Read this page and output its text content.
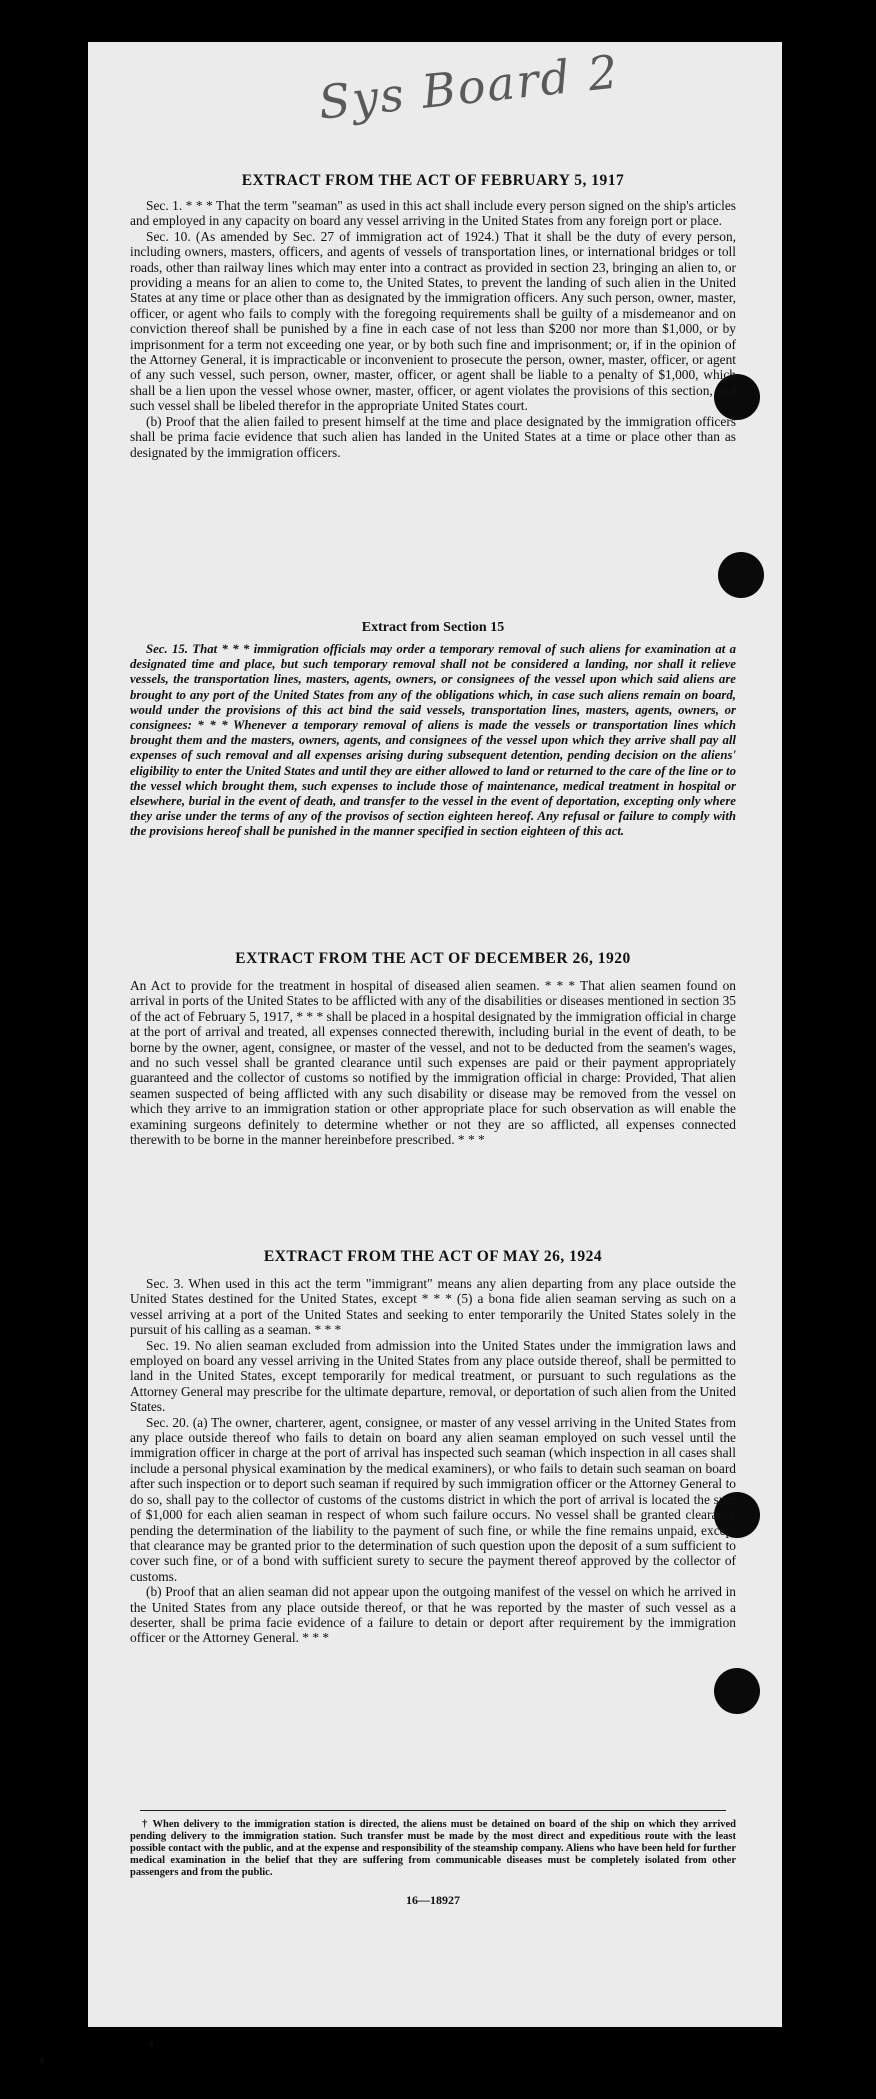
Sys Board 2
EXTRACT FROM THE ACT OF FEBRUARY 5, 1917

Sec. 1. * * * That the term "seaman" as used in this act shall include every person signed on the ship's articles and employed in any capacity on board any vessel arriving in the United States from any foreign port or place.

Sec. 10. (As amended by Sec. 27 of immigration act of 1924.) That it shall be the duty of every person, including owners, masters, officers, and agents of vessels of transportation lines, or international bridges or toll roads, other than railway lines which may enter into a contract as provided in section 23, bringing an alien to, or providing a means for an alien to come to, the United States, to prevent the landing of such alien in the United States at any time or place other than as designated by the immigration officers. Any such person, owner, master, officer, or agent who fails to comply with the foregoing requirements shall be guilty of a misdemeanor and on conviction thereof shall be punished by a fine in each case of not less than $200 nor more than $1,000, or by imprisonment for a term not exceeding one year, or by both such fine and imprisonment; or, if in the opinion of the Attorney General, it is impracticable or inconvenient to prosecute the person, owner, master, officer, or agent of any such vessel, such person, owner, master, officer, or agent shall be liable to a penalty of $1,000, which shall be a lien upon the vessel whose owner, master, officer, or agent violates the provisions of this section, and such vessel shall be libeled therefor in the appropriate United States court.

(b) Proof that the alien failed to present himself at the time and place designated by the immigration officers shall be prima facie evidence that such alien has landed in the United States at a time or place other than as designated by the immigration officers.

Extract from Section 15

Sec. 15. That * * * immigration officials may order a temporary removal of such aliens for examination at a designated time and place, but such temporary removal shall not be considered a landing, nor shall it relieve vessels, the transportation lines, masters, agents, owners, or consignees of the vessel upon which said aliens are brought to any port of the United States from any of the obligations which, in case such aliens remain on board, would under the provisions of this act bind the said vessels, transportation lines, masters, agents, owners, or consignees: * * * Whenever a temporary removal of aliens is made the vessels or transportation lines which brought them and the masters, owners, agents, and consignees of the vessel upon which they arrive shall pay all expenses of such removal and all expenses arising during subsequent detention, pending decision on the aliens' eligibility to enter the United States and until they are either allowed to land or returned to the care of the line or to the vessel which brought them, such expenses to include those of maintenance, medical treatment in hospital or elsewhere, burial in the event of death, and transfer to the vessel in the event of deportation, excepting only where they arise under the terms of any of the provisos of section eighteen hereof. Any refusal or failure to comply with the provisions hereof shall be punished in the manner specified in section eighteen of this act.

EXTRACT FROM THE ACT OF DECEMBER 26, 1920

An Act to provide for the treatment in hospital of diseased alien seamen. * * * That alien seamen found on arrival in ports of the United States to be afflicted with any of the disabilities or diseases mentioned in section 35 of the act of February 5, 1917, * * * shall be placed in a hospital designated by the immigration official in charge at the port of arrival and treated, all expenses connected therewith, including burial in the event of death, to be borne by the owner, agent, consignee, or master of the vessel, and not to be deducted from the seamen's wages, and no such vessel shall be granted clearance until such expenses are paid or their payment appropriately guaranteed and the collector of customs so notified by the immigration official in charge: Provided, That alien seamen suspected of being afflicted with any such disability or disease may be removed from the vessel on which they arrive to an immigration station or other appropriate place for such observation as will enable the examining surgeons definitely to determine whether or not they are so afflicted, all expenses connected therewith to be borne in the manner hereinbefore prescribed. * * *

EXTRACT FROM THE ACT OF MAY 26, 1924

Sec. 3. When used in this act the term "immigrant" means any alien departing from any place outside the United States destined for the United States, except * * * (5) a bona fide alien seaman serving as such on a vessel arriving at a port of the United States and seeking to enter temporarily the United States solely in the pursuit of his calling as a seaman. * * *

Sec. 19. No alien seaman excluded from admission into the United States under the immigration laws and employed on board any vessel arriving in the United States from any place outside thereof, shall be permitted to land in the United States, except temporarily for medical treatment, or pursuant to such regulations as the Attorney General may prescribe for the ultimate departure, removal, or deportation of such alien from the United States.

Sec. 20. (a) The owner, charterer, agent, consignee, or master of any vessel arriving in the United States from any place outside thereof who fails to detain on board any alien seaman employed on such vessel until the immigration officer in charge at the port of arrival has inspected such seaman (which inspection in all cases shall include a personal physical examination by the medical examiners), or who fails to detain such seaman on board after such inspection or to deport such seaman if required by such immigration officer or the Attorney General to do so, shall pay to the collector of customs of the customs district in which the port of arrival is located the sum of $1,000 for each alien seaman in respect of whom such failure occurs. No vessel shall be granted clearance pending the determination of the liability to the payment of such fine, or while the fine remains unpaid, except that clearance may be granted prior to the determination of such question upon the deposit of a sum sufficient to cover such fine, or of a bond with sufficient surety to secure the payment thereof approved by the collector of customs.

(b) Proof that an alien seaman did not appear upon the outgoing manifest of the vessel on which he arrived in the United States from any place outside thereof, or that he was reported by the master of such vessel as a deserter, shall be prima facie evidence of a failure to detain or deport after requirement by the immigration officer or the Attorney General. * * *

† When delivery to the immigration station is directed, the aliens must be detained on board of the ship on which they arrived pending delivery to the immigration station. Such transfer must be made by the most direct and expeditious route with the least possible contact with the public, and at the expense and responsibility of the steamship company. Aliens who have been held for further medical examination in the belief that they are suffering from communicable diseases must be completely isolated from other passengers and from the public.

16—18927
